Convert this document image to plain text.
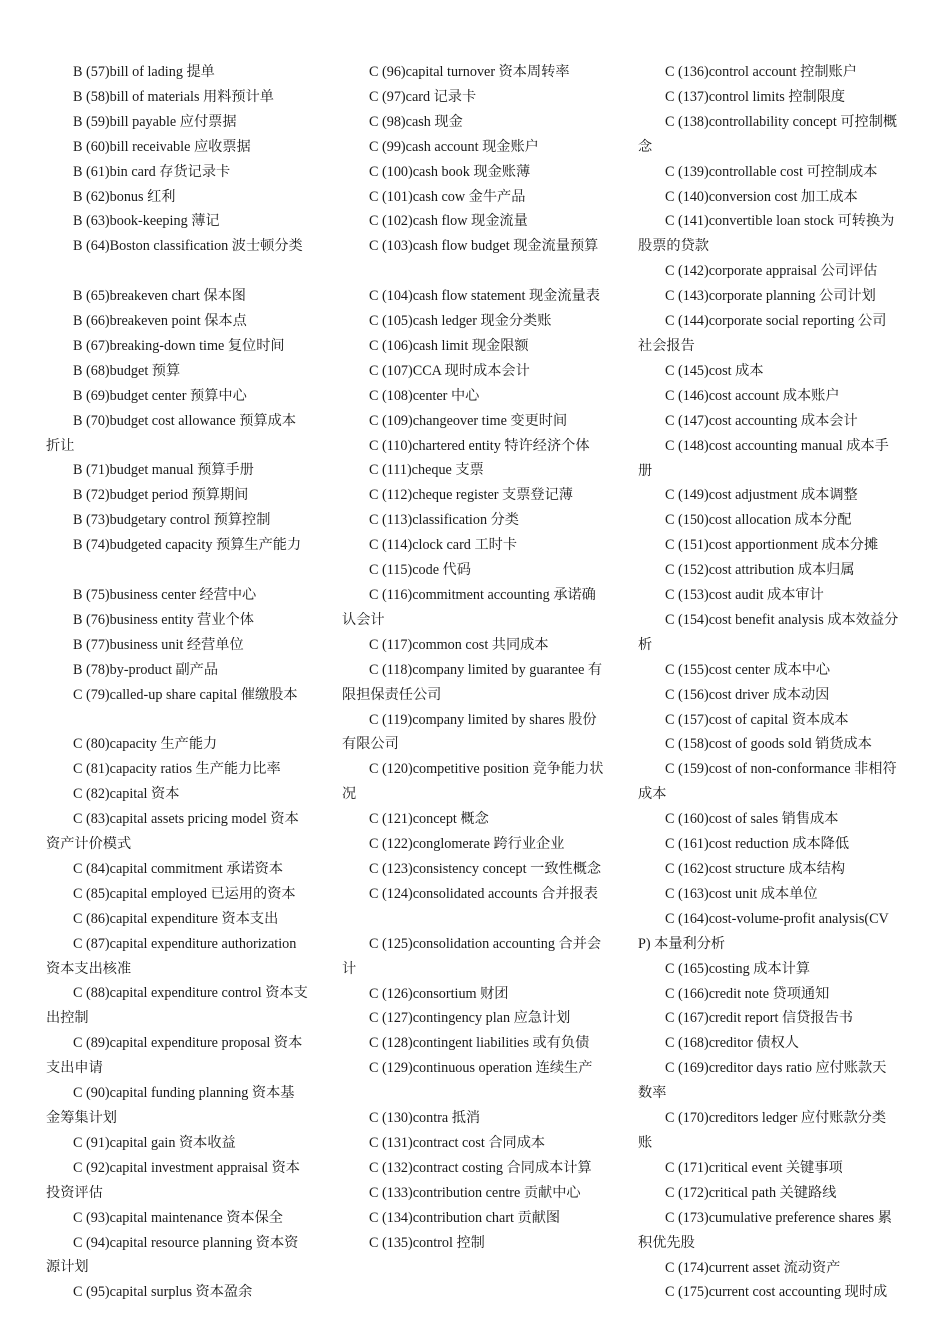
B (57)bill of lading 提单

B (58)bill of materials 用料预计单

B (59)bill payable 应付票据

B (60)bill receivable 应收票据

B (61)bin card 存货记录卡

B (62)bonus 红利

B (63)book-keeping 薄记

B (64)Boston classification 波士顿分类

B (65)breakeven chart 保本图

B (66)breakeven point 保本点

B (67)breaking-down time 复位时间

B (68)budget 预算

B (69)budget center 预算中心

B (70)budget cost allowance 预算成本折让

B (71)budget manual 预算手册

B (72)budget period 预算期间

B (73)budgetary control 预算控制

B (74)budgeted capacity 预算生产能力

B (75)business center 经营中心

B (76)business entity 营业个体

B (77)business unit 经营单位

B (78)by-product 副产品

C (79)called-up share capital 催缴股本

C (80)capacity 生产能力

C (81)capacity ratios 生产能力比率

C (82)capital 资本

C (83)capital assets pricing model 资本资产计价模式

C (84)capital commitment 承诺资本

C (85)capital employed 已运用的资本

C (86)capital expenditure 资本支出

C (87)capital expenditure authorization 资本支出核准

C (88)capital expenditure control 资本支出控制

C (89)capital expenditure proposal 资本支出申请

C (90)capital funding planning 资本基金筹集计划

C (91)capital gain 资本收益

C (92)capital investment appraisal 资本投资评估

C (93)capital maintenance 资本保全

C (94)capital resource planning 资本资源计划

C (95)capital surplus 资本盈余

C (96)capital turnover 资本周转率

C (97)card 记录卡

C (98)cash 现金

C (99)cash account 现金账户

C (100)cash book 现金账薄

C (101)cash cow 金牛产品

C (102)cash flow 现金流量

C (103)cash flow budget 现金流量预算

C (104)cash flow statement 现金流量表

C (105)cash ledger 现金分类账

C (106)cash limit 现金限额

C (107)CCA 现时成本会计

C (108)center 中心

C (109)changeover time 变更时间

C (110)chartered entity 特许经济个体

C (111)cheque 支票

C (112)cheque register 支票登记薄

C (113)classification 分类

C (114)clock card 工时卡

C (115)code 代码

C (116)commitment accounting 承诺确认会计

C (117)common cost 共同成本

C (118)company limited by guarantee 有限担保责任公司

C (119)company limited by shares 股份有限公司

C (120)competitive position 竞争能力状况

C (121)concept 概念

C (122)conglomerate 跨行业企业

C (123)consistency concept 一致性概念

C (124)consolidated accounts 合并报表

C (125)consolidation accounting 合并会计

C (126)consortium 财团

C (127)contingency plan 应急计划

C (128)contingent liabilities 或有负债

C (129)continuous operation 连续生产

C (130)contra 抵消

C (131)contract cost 合同成本

C (132)contract costing 合同成本计算

C (133)contribution centre 贡献中心

C (134)contribution chart 贡献图

C (135)control 控制

C (136)control account 控制账户

C (137)control limits 控制限度

C (138)controllability concept 可控制概念

C (139)controllable cost 可控制成本

C (140)conversion cost 加工成本

C (141)convertible loan stock 可转换为股票的贷款

C (142)corporate appraisal 公司评估

C (143)corporate planning 公司计划

C (144)corporate social reporting 公司社会报告

C (145)cost 成本

C (146)cost account 成本账户

C (147)cost accounting 成本会计

C (148)cost accounting manual 成本手册

C (149)cost adjustment 成本调整

C (150)cost allocation 成本分配

C (151)cost apportionment 成本分摊

C (152)cost attribution 成本归属

C (153)cost audit 成本审计

C (154)cost benefit analysis 成本效益分析

C (155)cost center 成本中心

C (156)cost driver 成本动因

C (157)cost of capital 资本成本

C (158)cost of goods sold 销货成本

C (159)cost of non-conformance 非相符成本

C (160)cost of sales 销售成本

C (161)cost reduction 成本降低

C (162)cost structure 成本结构

C (163)cost unit 成本单位

C (164)cost-volume-profit analysis(CVP) 本量利分析

C (165)costing 成本计算

C (166)credit note 贷项通知

C (167)credit report 信贷报告书

C (168)creditor 债权人

C (169)creditor days ratio 应付账款天数率

C (170)creditors ledger 应付账款分类账

C (171)critical event 关键事项

C (172)critical path 关键路线

C (173)cumulative preference shares 累积优先股

C (174)current asset 流动资产

C (175)current cost accounting 现时成
